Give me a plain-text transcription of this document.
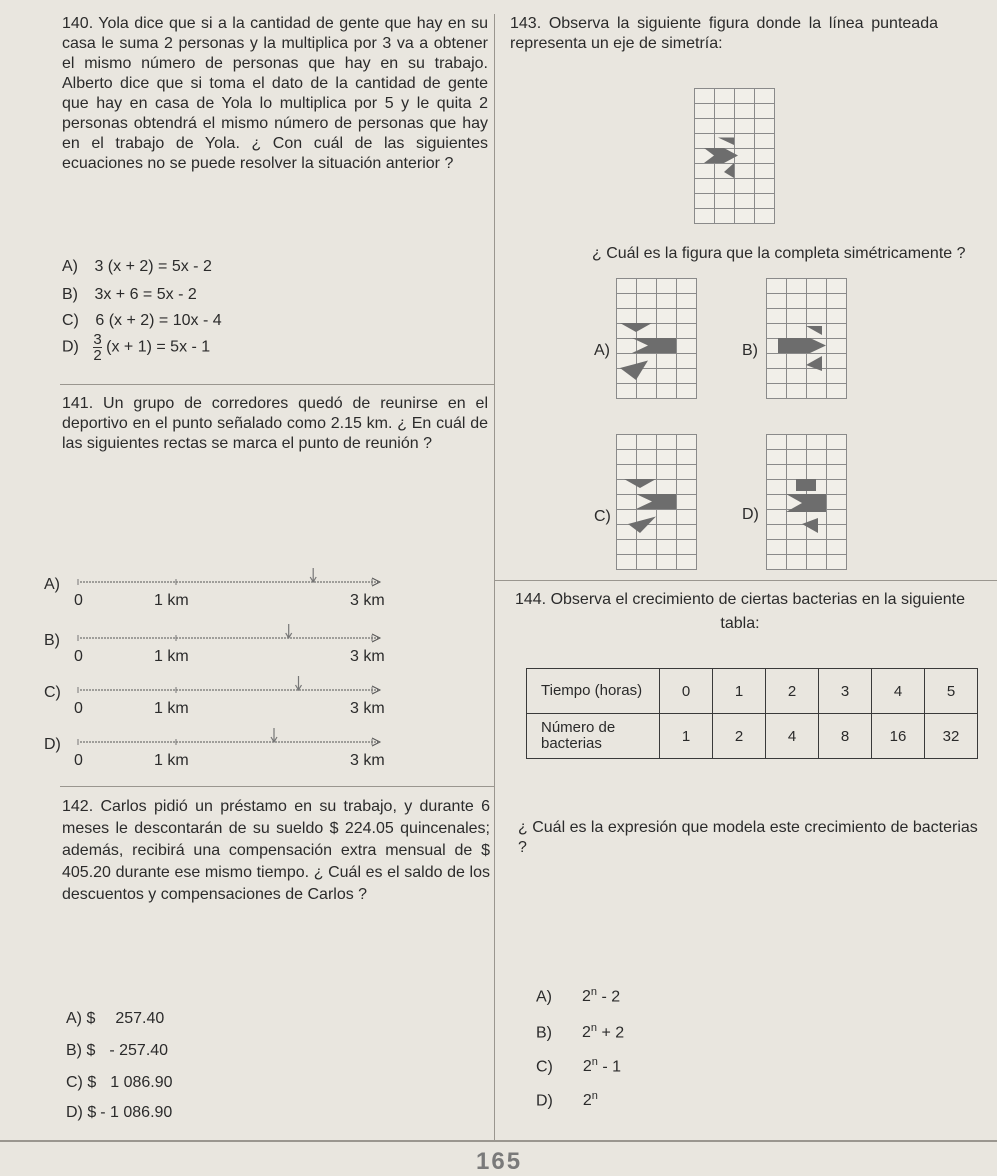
140. Yola dice que si a la cantidad de gente que hay en su casa le suma 2 personas y la multiplica por 3 va a obtener el mismo número de personas que hay en su trabajo. Alberto dice que si toma el dato de la cantidad de gente que hay en casa de Yola lo multiplica por 5 y le quita 2 personas obtendrá el mismo número de personas que hay en el trabajo de Yola. ¿ Con cuál de las siguientes ecuaciones no se puede resolver la situación anterior ?
A) 3 (x + 2) = 5x - 2
B) 3x + 6 = 5x - 2
C) 6 (x + 2) = 10x - 4
$D) \frac{3}{2} (x + 1) = 5x - 1$
141. Un grupo de corredores quedó de reunirse en el deportivo en el punto señalado como 2.15 km. ¿ En cuál de las siguientes rectas se marca el punto de reunión ?
A)
0	1 km	3 km
B)
0	1 km	3 km
C)
0	1 km	3 km
D)
0	1 km	3 km
142. Carlos pidió un préstamo en su trabajo, y durante 6 meses le descontarán de su sueldo $ 224.05 quincenales; además, recibirá una compensación extra mensual de $ 405.20 durante ese mismo tiempo. ¿ Cuál es el saldo de los descuentos y compensaciones de Carlos ?
A) $ 257.40
B) $ - 257.40
C) $ 1 086.90
D) $ - 1 086.90
143. Observa la siguiente figura donde la línea punteada representa un eje de simetría:
¿ Cuál es la figura que la completa simétricamente ?
A)	B)
C)	D)
144. Observa el crecimiento de ciertas bacterias en la siguiente tabla:
Tiempo (horas)	0	1	2	3	4	5
Número de bacterias	1	2	4	8	16	32
¿ Cuál es la expresión que modela este crecimiento de bacterias ?
A) 2$^n$ - 2
B) $2^n + 2$
C) 2$^n$ - 1
D) 2$^n$
165
